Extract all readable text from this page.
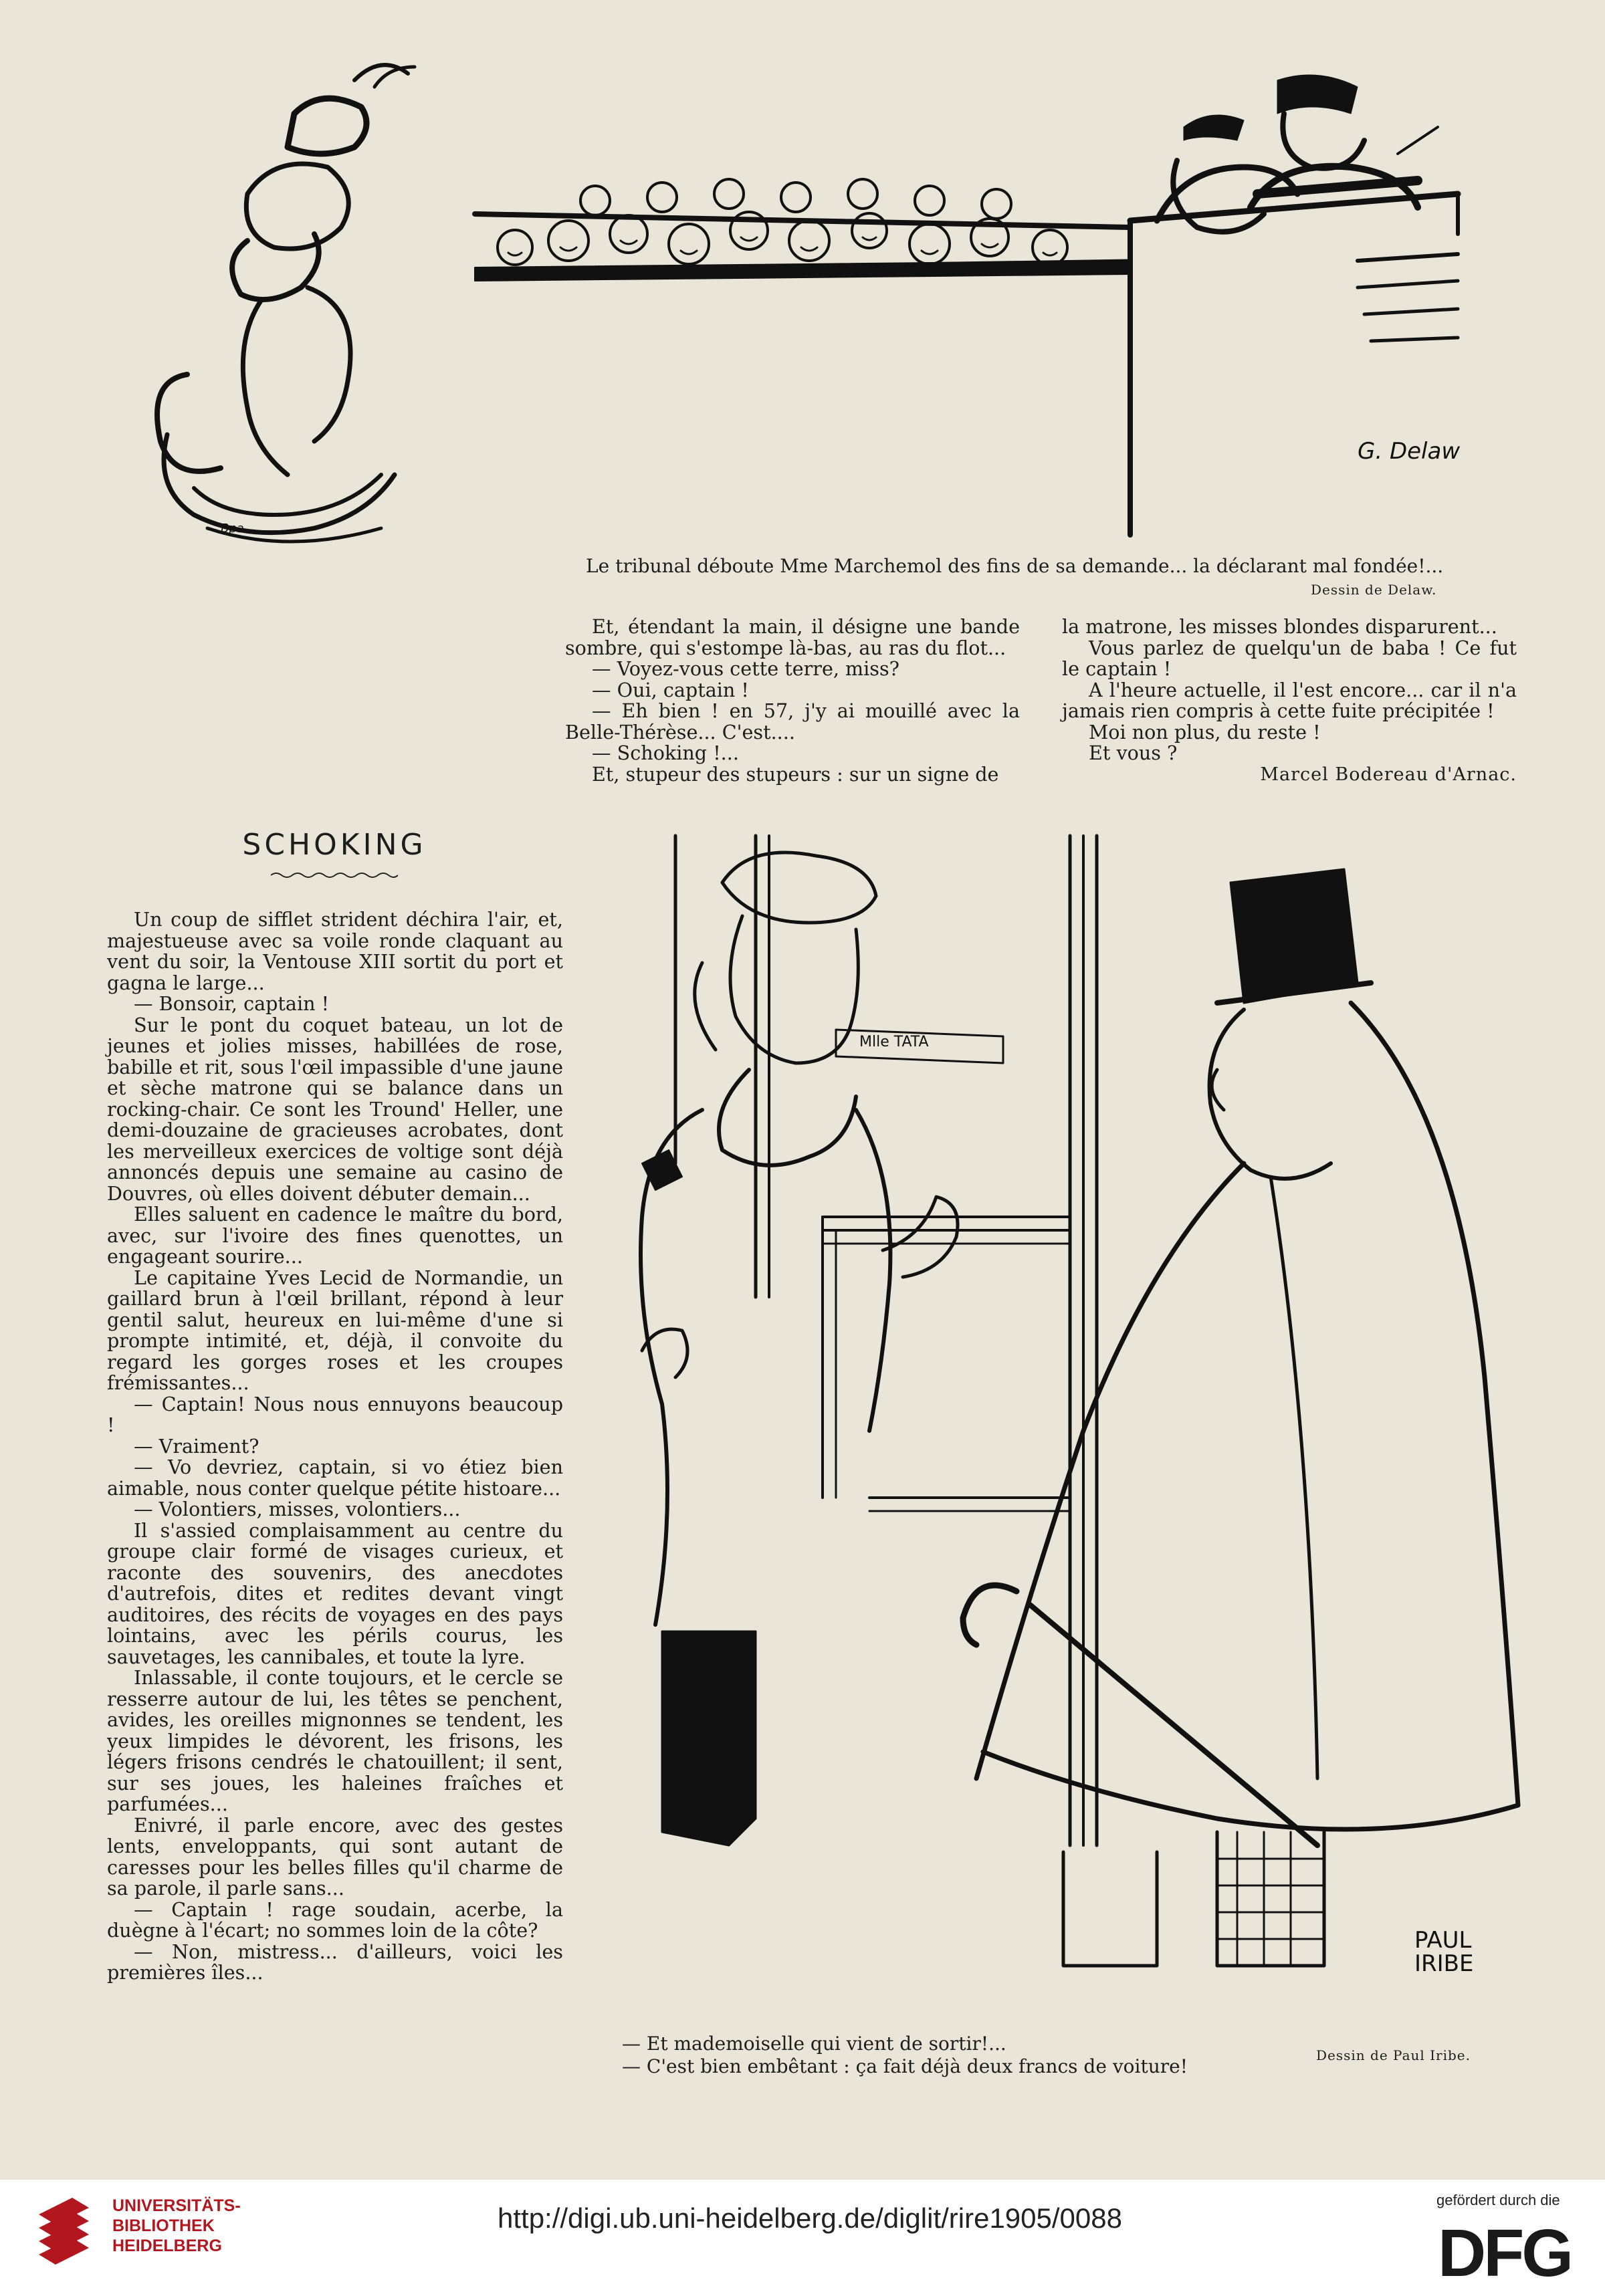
G. Delaw
Bpa
Le tribunal déboute Mme Marchemol des fins de sa demande... la déclarant mal fondée!...
Dessin de Delaw.

Et, étendant la main, il désigne une bande sombre, qui s'estompe là-bas, au ras du flot...

— Voyez-vous cette terre, miss?

— Oui, captain !

— Eh bien ! en 57, j'y ai mouillé avec la Belle-Thérèse... C'est....

— Schoking !...

Et, stupeur des stupeurs : sur un signe de

la matrone, les misses blondes disparurent...

Vous parlez de quelqu'un de baba ! Ce fut le captain !

A l'heure actuelle, il l'est encore... car il n'a jamais rien compris à cette fuite précipitée !

Moi non plus, du reste !

Et vous ?

Marcel Bodereau d'Arnac.
SCHOKING

Un coup de sifflet strident déchira l'air, et, majestueuse avec sa voile ronde claquant au vent du soir, la Ventouse XIII sortit du port et gagna le large...

— Bonsoir, captain !

Sur le pont du coquet bateau, un lot de jeunes et jolies misses, habillées de rose, babille et rit, sous l'œil impassible d'une jaune et sèche matrone qui se balance dans un rocking-chair. Ce sont les Tround' Heller, une demi-douzaine de gracieuses acrobates, dont les merveilleux exercices de voltige sont déjà annoncés depuis une semaine au casino de Douvres, où elles doivent débuter demain...

Elles saluent en cadence le maître du bord, avec, sur l'ivoire des fines quenottes, un engageant sourire...

Le capitaine Yves Lecid de Normandie, un gaillard brun à l'œil brillant, répond à leur gentil salut, heureux en lui-même d'une si prompte intimité, et, déjà, il convoite du regard les gorges roses et les croupes frémissantes...

— Captain! Nous nous ennuyons beaucoup !

— Vraiment?

— Vo devriez, captain, si vo étiez bien aimable, nous conter quelque pétite histoare...

— Volontiers, misses, volontiers...

Il s'assied complaisamment au centre du groupe clair formé de visages curieux, et raconte des souvenirs, des anecdotes d'autrefois, dites et redites devant vingt auditoires, des récits de voyages en des pays lointains, avec les périls courus, les sauvetages, les cannibales, et toute la lyre.

Inlassable, il conte toujours, et le cercle se resserre autour de lui, les têtes se penchent, avides, les oreilles mignonnes se tendent, les yeux limpides le dévorent, les frisons, les légers frisons cendrés le chatouillent; il sent, sur ses joues, les haleines fraîches et parfumées...

Enivré, il parle encore, avec des gestes lents, enveloppants, qui sont autant de caresses pour les belles filles qu'il charme de sa parole, il parle sans...

— Captain ! rage soudain, acerbe, la duègne à l'écart; no sommes loin de la côte?

— Non, mistress... d'ailleurs, voici les premières îles...

Mlle TATA
PAUL
IRIBE
— Et mademoiselle qui vient de sortir!...
— C'est bien embêtant : ça fait déjà deux francs de voiture!	Dessin de Paul Iribe.
UNIVERSITÄTS-
BIBLIOTHEK
HEIDELBERG
http://digi.ub.uni-heidelberg.de/diglit/rire1905/0088
gefördert durch die
DFG
